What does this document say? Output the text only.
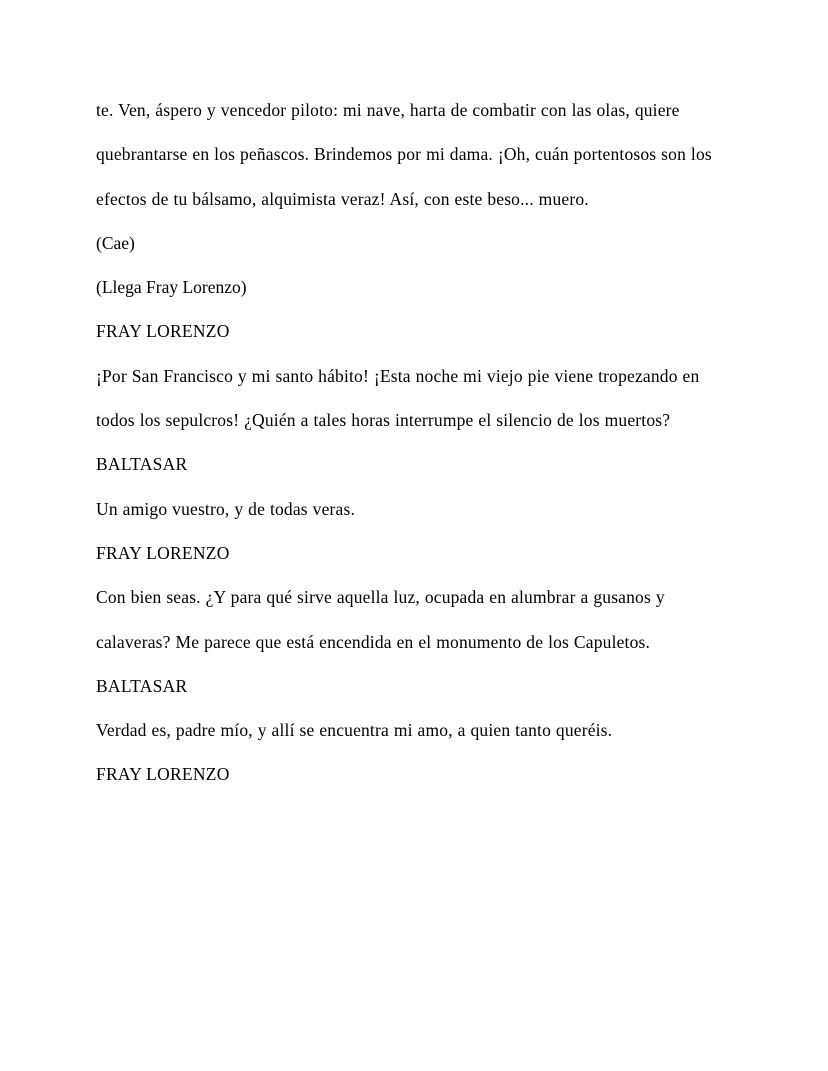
te. Ven, áspero y vencedor piloto: mi nave, harta de combatir con las olas, quiere quebrantarse en los peñascos. Brindemos por mi dama. ¡Oh, cuán portentosos son los efectos de tu bálsamo, alquimista veraz! Así, con este beso... muero.

(Cae)

(Llega Fray Lorenzo)

FRAY LORENZO

¡Por San Francisco y mi santo hábito! ¡Esta noche mi viejo pie viene tropezando en todos los sepulcros! ¿Quién a tales horas interrumpe el silencio de los muertos?

BALTASAR

Un amigo vuestro, y de todas veras.

FRAY LORENZO

Con bien seas. ¿Y para qué sirve aquella luz, ocupada en alumbrar a gusanos y calaveras? Me parece que está encendida en el monumento de los Capuletos.

BALTASAR

Verdad es, padre mío, y allí se encuentra mi amo, a quien tanto queréis.

FRAY LORENZO
